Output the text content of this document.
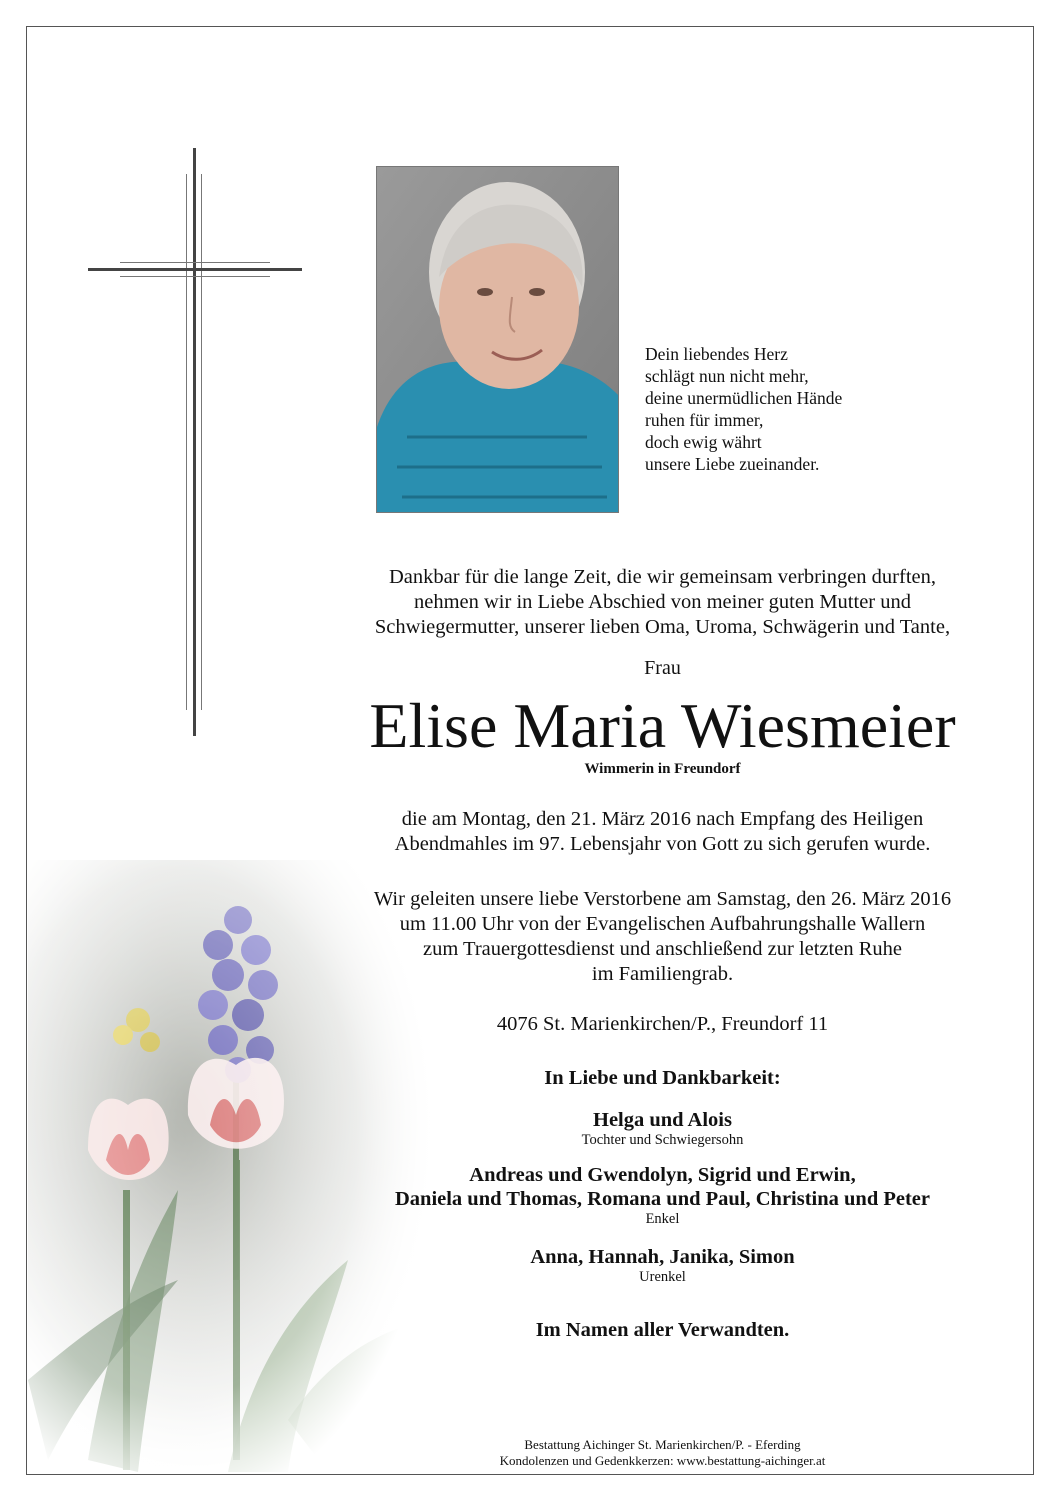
Dein liebendes Herz
schlägt nun nicht mehr,
deine unermüdlichen Hände
ruhen für immer,
doch ewig währt
unsere Liebe zueinander.
Dankbar für die lange Zeit, die wir gemeinsam verbringen durften,
nehmen wir in Liebe Abschied von meiner guten Mutter und
Schwiegermutter, unserer lieben Oma, Uroma, Schwägerin und Tante,
Frau
Elise Maria Wiesmeier
Wimmerin in Freundorf
die am Montag, den 21. März 2016 nach Empfang des Heiligen
Abendmahles im 97. Lebensjahr von Gott zu sich gerufen wurde.
Wir geleiten unsere liebe Verstorbene am Samstag, den 26. März 2016
um 11.00 Uhr von der Evangelischen Aufbahrungshalle Wallern
zum Trauergottesdienst und anschließend zur letzten Ruhe
im Familiengrab.
4076 St. Marienkirchen/P., Freundorf 11
In Liebe und Dankbarkeit:
Helga und Alois
Tochter und Schwiegersohn
Andreas und Gwendolyn, Sigrid und Erwin,
Daniela und Thomas, Romana und Paul, Christina und Peter
Enkel
Anna, Hannah, Janika, Simon
Urenkel
Im Namen aller Verwandten.
Bestattung Aichinger St. Marienkirchen/P. - Eferding
Kondolenzen und Gedenkkerzen: www.bestattung-aichinger.at
